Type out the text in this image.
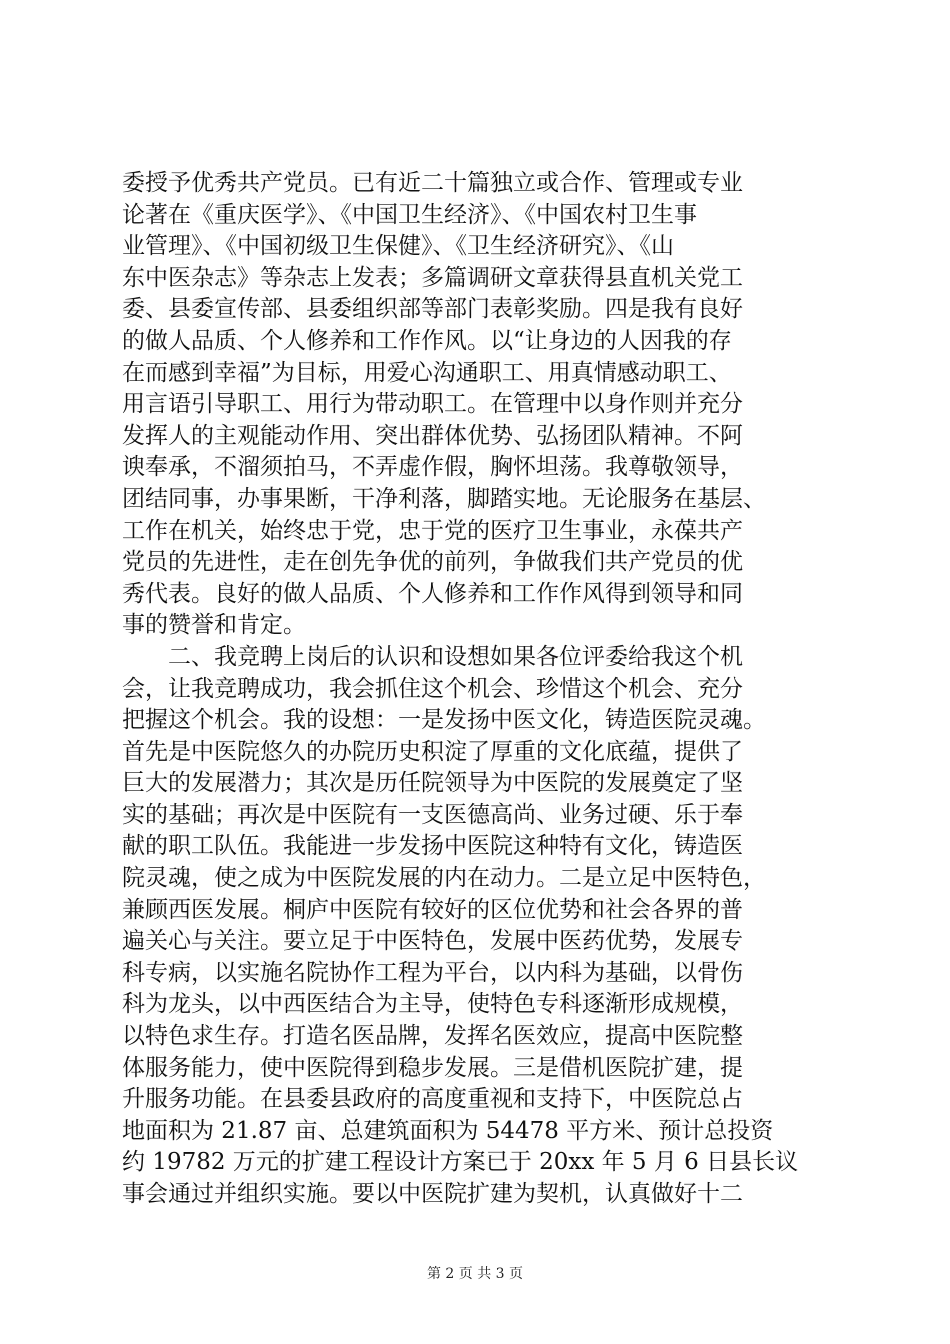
委授予优秀共产党员。已有近二十篇独立或合作、管理或专业
论著在《重庆医学》、《中国卫生经济》、《中国农村卫生事
业管理》、《中国初级卫生保健》、《卫生经济研究》、《山
东中医杂志》等杂志上发表；多篇调研文章获得县直机关党工
委、县委宣传部、县委组织部等部门表彰奖励。四是我有良好
的做人品质、个人修养和工作作风。以“让身边的人因我的存
在而感到幸福”为目标，用爱心沟通职工、用真情感动职工、
用言语引导职工、用行为带动职工。在管理中以身作则并充分
发挥人的主观能动作用、突出群体优势、弘扬团队精神。不阿
谀奉承，不溜须拍马，不弄虚作假，胸怀坦荡。我尊敬领导，
团结同事，办事果断，干净利落，脚踏实地。无论服务在基层、
工作在机关，始终忠于党，忠于党的医疗卫生事业，永葆共产
党员的先进性，走在创先争优的前列，争做我们共产党员的优
秀代表。良好的做人品质、个人修养和工作作风得到领导和同
事的赞誉和肯定。
　　二、我竞聘上岗后的认识和设想如果各位评委给我这个机
会，让我竞聘成功，我会抓住这个机会、珍惜这个机会、充分
把握这个机会。我的设想：一是发扬中医文化，铸造医院灵魂。
首先是中医院悠久的办院历史积淀了厚重的文化底蕴，提供了
巨大的发展潜力；其次是历任院领导为中医院的发展奠定了坚
实的基础；再次是中医院有一支医德高尚、业务过硬、乐于奉
献的职工队伍。我能进一步发扬中医院这种特有文化，铸造医
院灵魂，使之成为中医院发展的内在动力。二是立足中医特色，
兼顾西医发展。桐庐中医院有较好的区位优势和社会各界的普
遍关心与关注。要立足于中医特色，发展中医药优势，发展专
科专病，以实施名院协作工程为平台，以内科为基础，以骨伤
科为龙头，以中西医结合为主导，使特色专科逐渐形成规模，
以特色求生存。打造名医品牌，发挥名医效应，提高中医院整
体服务能力，使中医院得到稳步发展。三是借机医院扩建，提
升服务功能。在县委县政府的高度重视和支持下，中医院总占
地面积为 21.87 亩、总建筑面积为 54478 平方米、预计总投资
约 19782 万元的扩建工程设计方案已于 20xx 年 5 月 6 日县长议
事会通过并组织实施。要以中医院扩建为契机，认真做好十二
第 2 页 共 3 页
